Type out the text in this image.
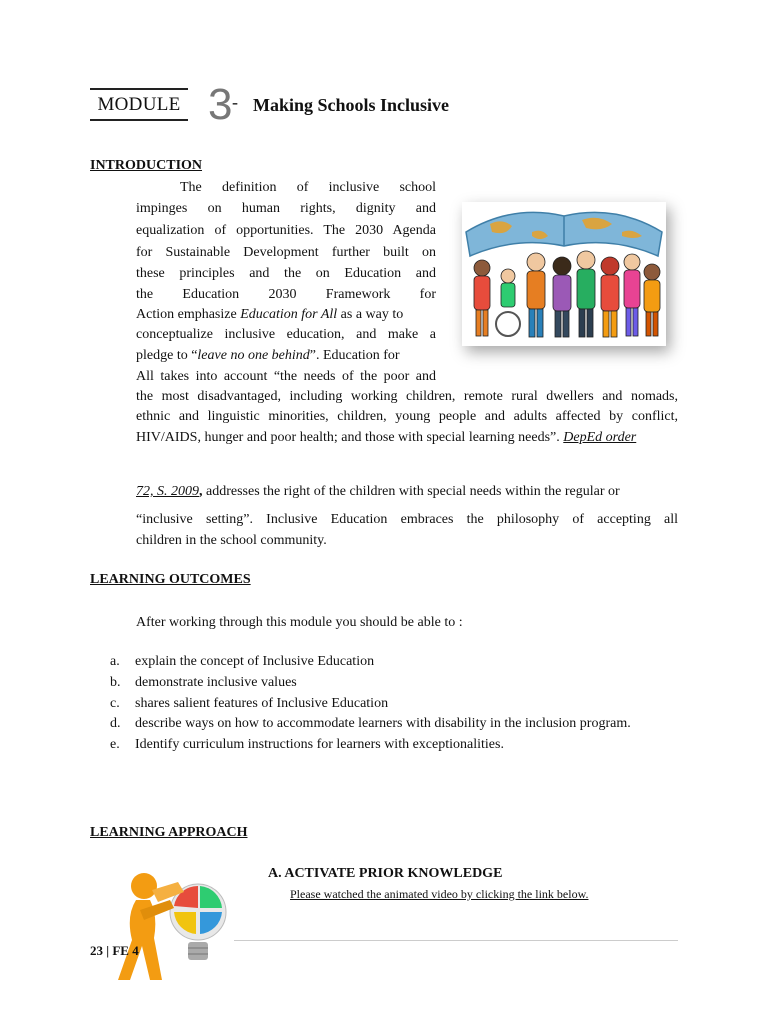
MODULE 3 - Making Schools Inclusive
INTRODUCTION
The definition of inclusive school
impinges on human rights, dignity and
equalization of opportunities. The 2030 Agenda
for Sustainable Development further built on
these principles and the on Education and
the Education 2030 Framework for
Action emphasize Education for All as a way to
conceptualize inclusive education, and make a
pledge to “leave no one behind”. Education for
All takes into account “the needs of the poor and
the most disadvantaged, including working children, remote rural dwellers and nomads,
ethnic and linguistic minorities, children, young people and adults affected by conflict,
HIV/AIDS, hunger and poor health; and those with special learning needs”. DepEd order
72, S. 2009, addresses the right of the children with special needs within the regular or
“inclusive setting”. Inclusive Education embraces the philosophy of accepting all
children in the school community.
LEARNING OUTCOMES
After working through this module you should be able to :
a. explain the concept of Inclusive Education
b. demonstrate inclusive values
c. shares salient features of Inclusive Education
d. describe ways on how to accommodate learners with disability in the inclusion program.
e. Identify curriculum instructions for learners with exceptionalities.
LEARNING APPROACH
A. ACTIVATE PRIOR KNOWLEDGE
Please watched the animated video by clicking the link below.
23 | FE 4
